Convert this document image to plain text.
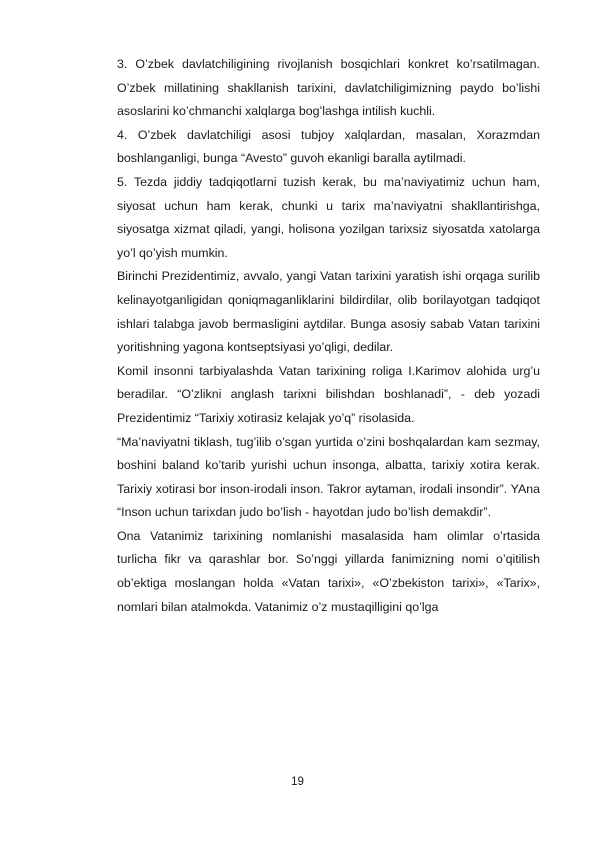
3. O’zbek davlatchiligining rivojlanish bosqichlari konkret ko’rsatilmagan. O’zbek millatining shakllanish tarixini, davlatchiligimizning paydo bo’lishi asoslarini ko’chmanchi xalqlarga bog’lashga intilish kuchli.

4. O’zbek davlatchiligi asosi tubjoy xalqlardan, masalan, Xorazmdan boshlanganligi, bunga “Avesto” guvoh ekanligi baralla aytilmadi.

5. Tezda jiddiy tadqiqotlarni tuzish kerak, bu ma’naviyatimiz uchun ham, siyosat uchun ham kerak, chunki u tarix ma’naviyatni shakllantirishga, siyosatga xizmat qiladi, yangi, holisona yozilgan tarixsiz siyosatda xatolarga yo’l qo’yish mumkin.

Birinchi Prezidentimiz, avvalo, yangi Vatan tarixini yaratish ishi orqaga surilib kelinayotganligidan qoniqmaganliklarini bildirdilar, olib borilayotgan tadqiqot ishlari talabga javob bermasligini aytdilar. Bunga asosiy sabab Vatan tarixini yoritishning yagona kontseptsiyasi yo’qligi, dedilar.

Komil insonni tarbiyalashda Vatan tarixining roliga I.Karimov alohida urg’u beradilar. “O’zlikni anglash tarixni bilishdan boshlanadi”, - deb yozadi Prezidentimiz “Tarixiy xotirasiz kelajak yo’q” risolasida.

“Ma’naviyatni tiklash, tug’ilib o’sgan yurtida o’zini boshqalardan kam sezmay, boshini baland ko’tarib yurishi uchun insonga, albatta, tarixiy xotira kerak. Tarixiy xotirasi bor inson-irodali inson. Takror aytaman, irodali insondir”. YAna “Inson uchun tarixdan judo bo’lish - hayotdan judo bo’lish demakdir”.

Ona Vatanimiz tarixining nomlanishi masalasida ham olimlar o’rtasida turlicha fikr va qarashlar bor. So’nggi yillarda fanimizning nomi o’qitilish ob’ektiga moslangan holda «Vatan tarixi», «O’zbekiston tarixi», «Tarix», nomlari bilan atalmokda. Vatanimiz o’z mustaqilligini qo’lga

19
